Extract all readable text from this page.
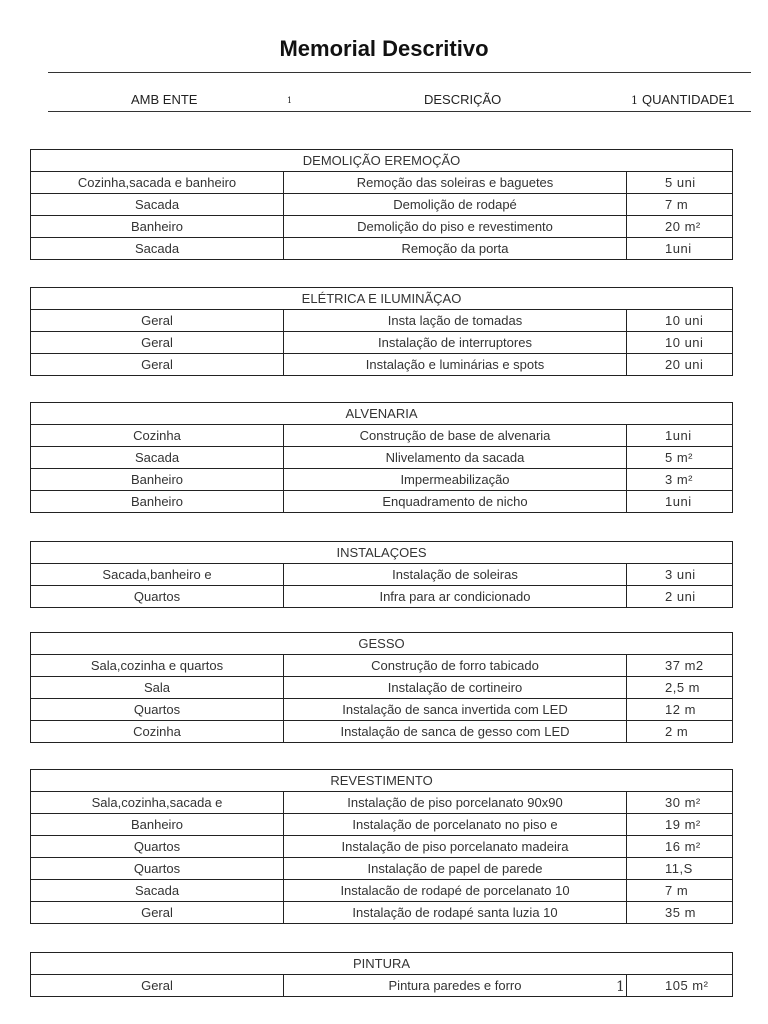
Memorial Descritivo
AMB ENTE	1	DESCRIÇÃO	1 QUANTIDADE1
DEMOLIÇÃO EREMOÇÃO		
Cozinha,sacada e banheiro	Remoção das soleiras e baguetes	5 uni
Sacada	Demolição de rodapé	7 m
Banheiro	Demolição do piso e revestimento	20 m²
Sacada	Remoção da porta	1uni
ELÉTRICA E ILUMINÃÇAO		
Geral	Insta lação de tomadas	10 uni
Geral	Instalação de interruptores	10 uni
Geral	Instalação e luminárias e spots	20 uni
ALVENARIA		
Cozinha	Construção de base de alvenaria	1uni
Sacada	Nlivelamento da sacada	5 m²
Banheiro	Impermeabilização	3 m²
Banheiro	Enquadramento de nicho	1uni
INSTALAÇOES		
Sacada,banheiro e	Instalação de soleiras	3 uni
Quartos	Infra para ar condicionado	2 uni
GESSO		
Sala,cozinha e quartos	Construção de forro tabicado	37 m2
Sala	Instalação de cortineiro	2,5 m
Quartos	Instalação de sanca invertida com LED	12 m
Cozinha	Instalação de sanca de gesso com LED	2 m
REVESTIMENTO		
Sala,cozinha,sacada e	Instalação de piso porcelanato 90x90	30 m²
Banheiro	Instalação de porcelanato no piso e	19 m²
Quartos	Instalação de piso porcelanato madeira	16 m²
Quartos	Instalação de papel de parede	11,S
Sacada	Instalacão de rodapé de porcelanato 10	7 m
Geral	Instalação de rodapé santa luzia 10	35 m
PINTURA
Geral	Pintura paredes e forro	105 m²
1
